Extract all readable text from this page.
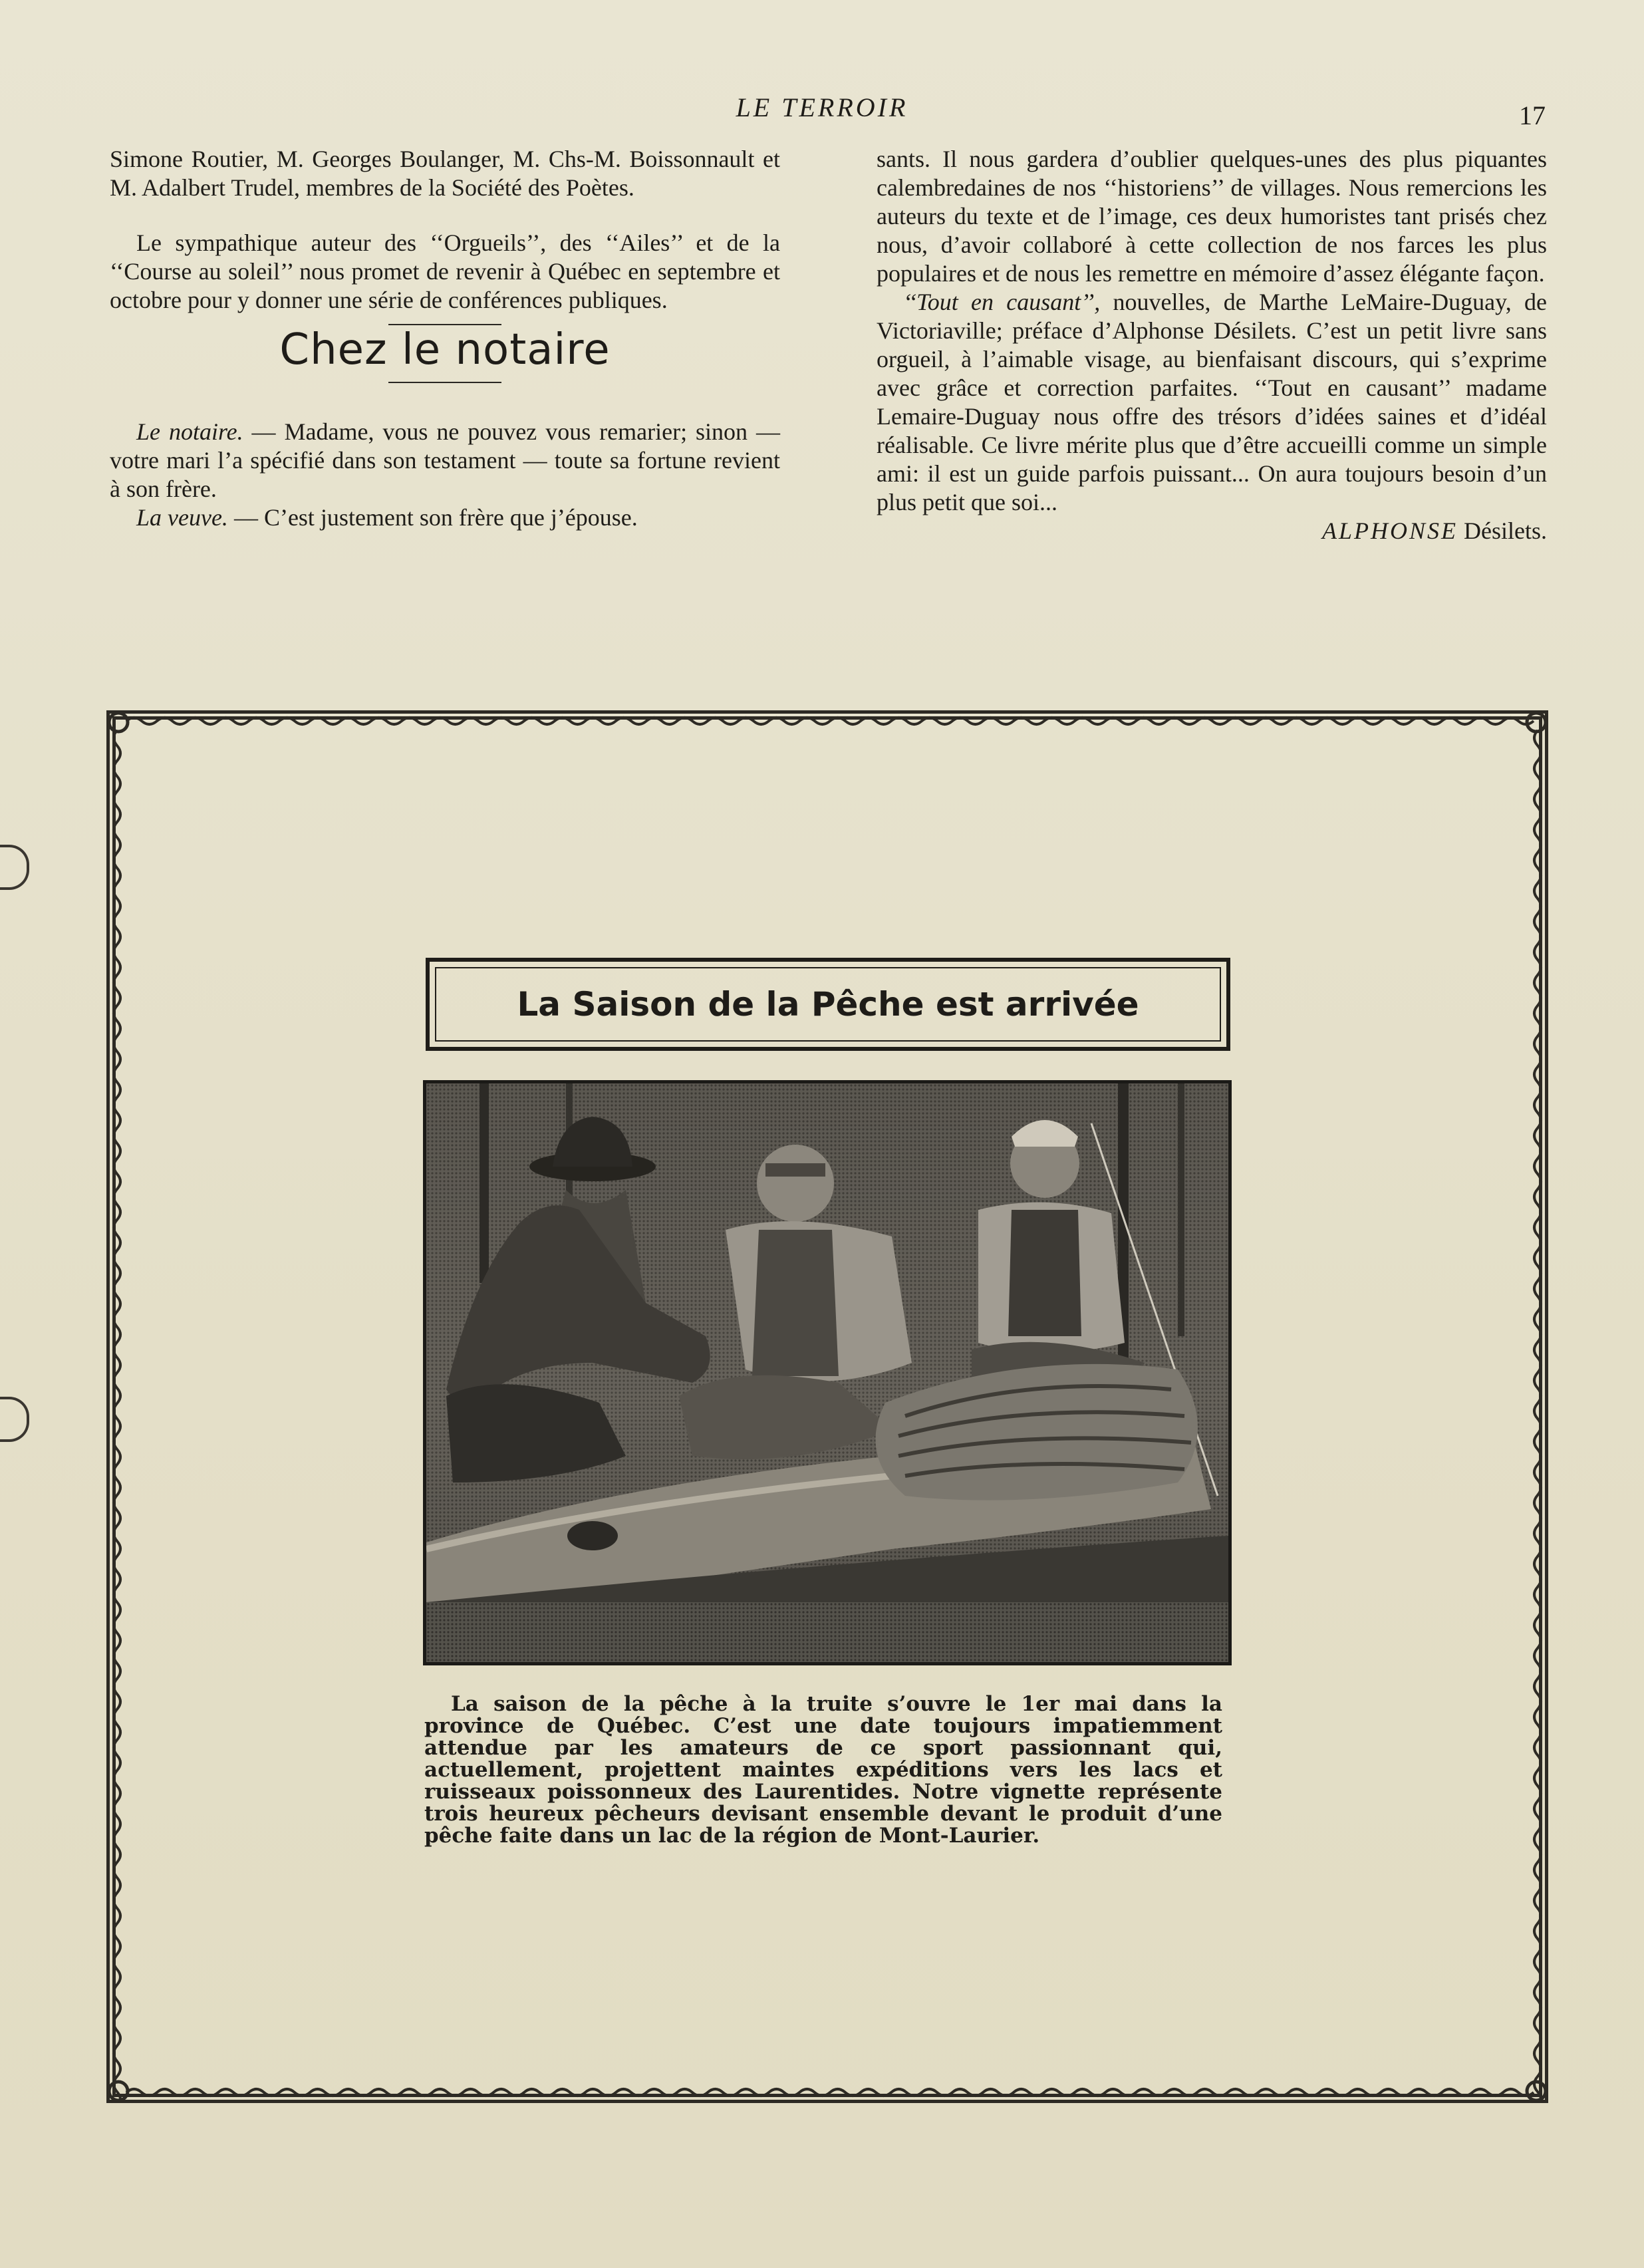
LE TERROIR	17

Simone Routier, M. Georges Boulanger, M. Chs-M. Boissonnault et M. Adalbert Trudel, membres de la Société des Poètes.

Le sympathique auteur des ‘‘Orgueils’’, des ‘‘Ailes’’ et de la ‘‘Course au soleil’’ nous promet de revenir à Québec en septembre et octobre pour y donner une série de conférences publiques.

Chez le notaire

Le notaire. — Madame, vous ne pouvez vous remarier; sinon — votre mari l’a spécifié dans son testament — toute sa fortune revient à son frère.

La veuve. — C’est justement son frère que j’épouse.

sants. Il nous gardera d’oublier quelques-unes des plus piquantes calembredaines de nos ‘‘historiens’’ de villages. Nous remercions les auteurs du texte et de l’image, ces deux humoristes tant prisés chez nous, d’avoir collaboré à cette collection de nos farces les plus populaires et de nous les remettre en mémoire d’assez élégante façon.

‘‘Tout en causant’’, nouvelles, de Marthe LeMaire-Duguay, de Victoriaville; préface d’Alphonse Désilets. C’est un petit livre sans orgueil, à l’aimable visage, au bienfaisant discours, qui s’exprime avec grâce et correction parfaites. ‘‘Tout en causant’’ madame Lemaire-Duguay nous offre des trésors d’idées saines et d’idéal réalisable. Ce livre mérite plus que d’être accueilli comme un simple ami: il est un guide parfois puissant... On aura toujours besoin d’un plus petit que soi...

ALPHONSE Désilets.

La Saison de la Pêche est arrivée

La saison de la pêche à la truite s’ouvre le 1er mai dans la province de Québec. C’est une date toujours impatiemment attendue par les amateurs de ce sport passionnant qui, actuellement, projettent maintes expéditions vers les lacs et ruisseaux poissonneux des Laurentides. Notre vignette représente trois heureux pêcheurs devisant ensemble devant le produit d’une pêche faite dans un lac de la région de Mont-Laurier.
